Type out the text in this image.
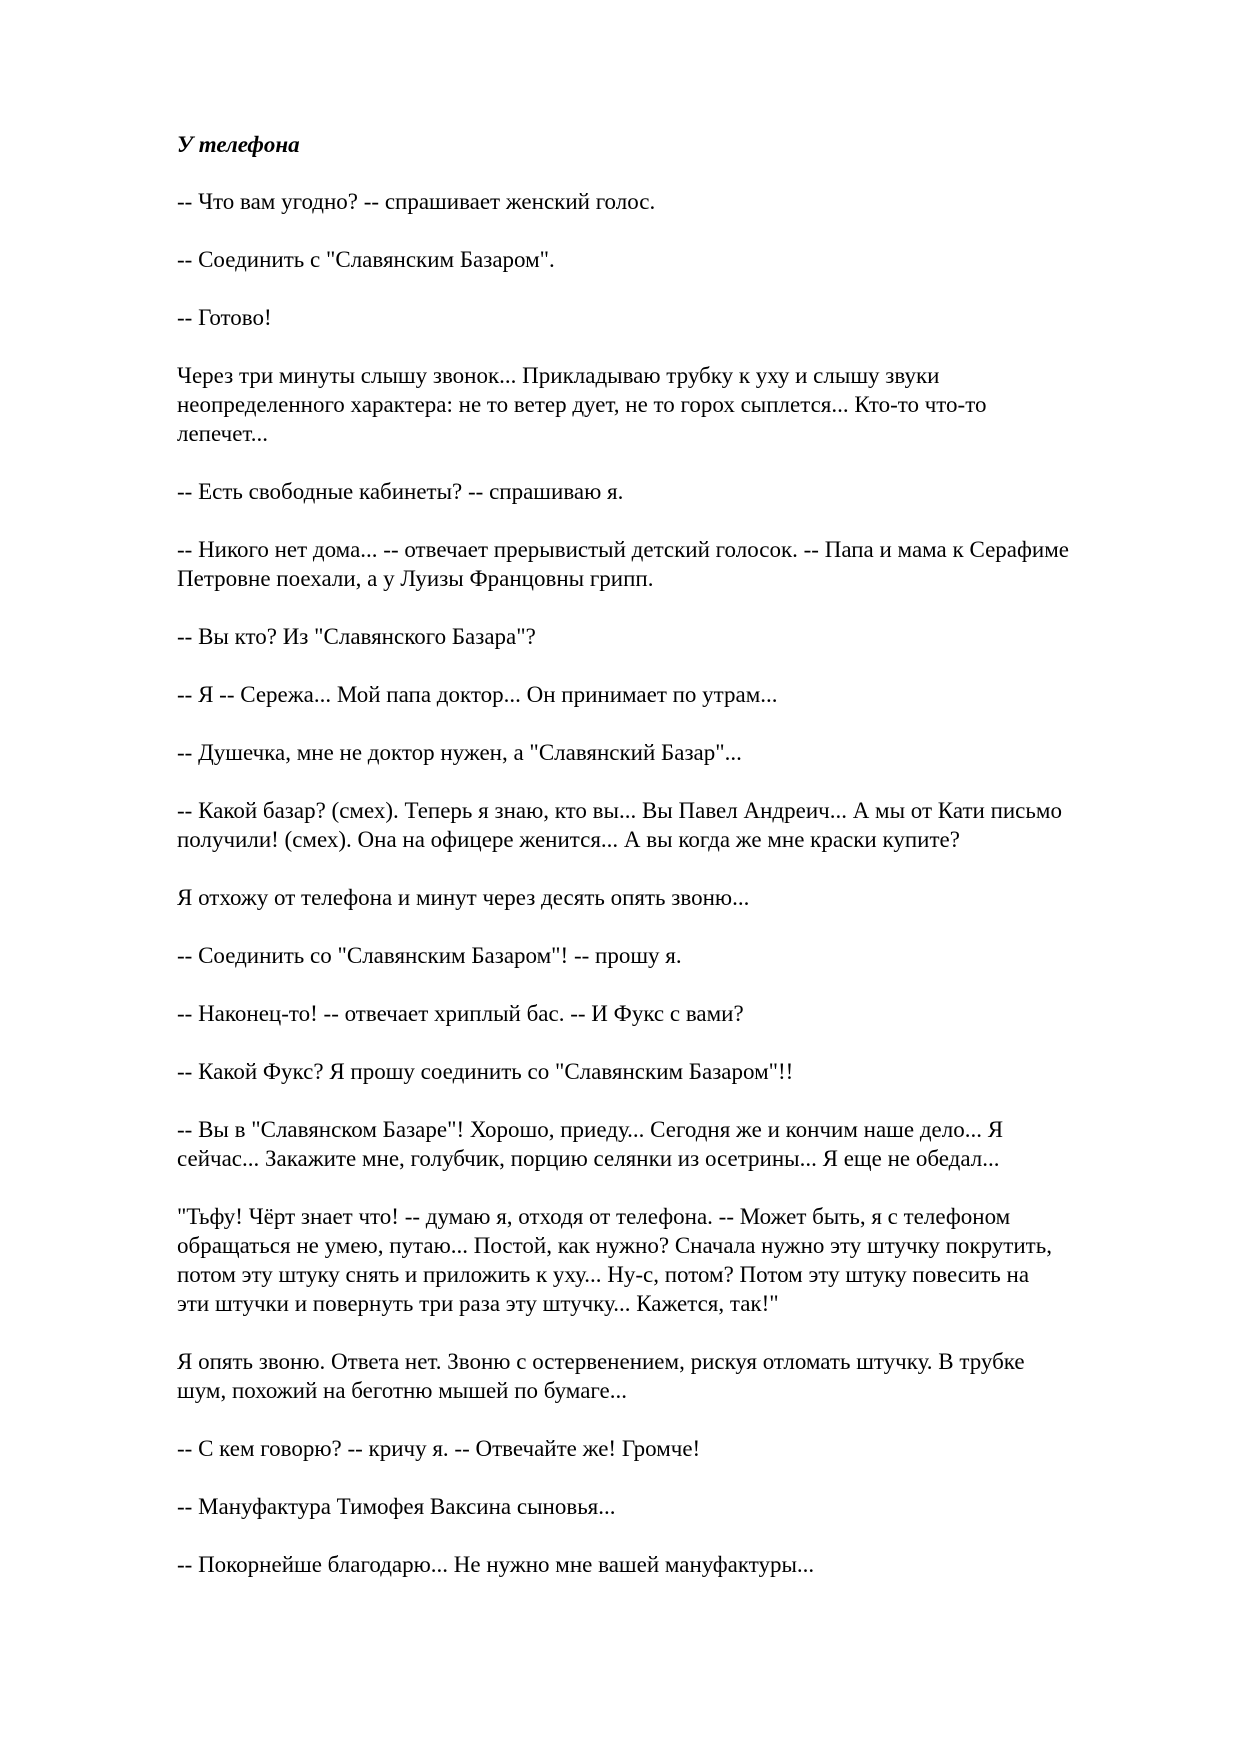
У телефона

-- Что вам угодно? -- спрашивает женский голос.

-- Соединить с "Славянским Базаром".

-- Готово!

Через три минуты слышу звонок... Прикладываю трубку к уху и слышу звуки
неопределенного характера: не то ветер дует, не то горох сыплется... Кто-то что-то
лепечет...

-- Есть свободные кабинеты? -- спрашиваю я.

-- Никого нет дома... -- отвечает прерывистый детский голосок. -- Папа и мама к Серафиме
Петровне поехали, а у Луизы Францовны грипп.

-- Вы кто? Из "Славянского Базара"?

-- Я -- Сережа... Мой папа доктор... Он принимает по утрам...

-- Душечка, мне не доктор нужен, а "Славянский Базар"...

-- Какой базар? (смех). Теперь я знаю, кто вы... Вы Павел Андреич... А мы от Кати письмо
получили! (смех). Она на офицере женится... А вы когда же мне краски купите?

Я отхожу от телефона и минут через десять опять звоню...

-- Соединить со "Славянским Базаром"! -- прошу я.

-- Наконец-то! -- отвечает хриплый бас. -- И Фукс с вами?

-- Какой Фукс? Я прошу соединить со "Славянским Базаром"!!

-- Вы в "Славянском Базаре"! Хорошо, приеду... Сегодня же и кончим наше дело... Я
сейчас... Закажите мне, голубчик, порцию селянки из осетрины... Я еще не обедал...

"Тьфу! Чёрт знает что! -- думаю я, отходя от телефона. -- Может быть, я с телефоном
обращаться не умею, путаю... Постой, как нужно? Сначала нужно эту штучку покрутить,
потом эту штуку снять и приложить к уху... Ну-с, потом? Потом эту штуку повесить на
эти штучки и повернуть три раза эту штучку... Кажется, так!"

Я опять звоню. Ответа нет. Звоню с остервенением, рискуя отломать штучку. В трубке
шум, похожий на беготню мышей по бумаге...

-- С кем говорю? -- кричу я. -- Отвечайте же! Громче!

-- Мануфактура Тимофея Ваксина сыновья...

-- Покорнейше благодарю... Не нужно мне вашей мануфактуры...
